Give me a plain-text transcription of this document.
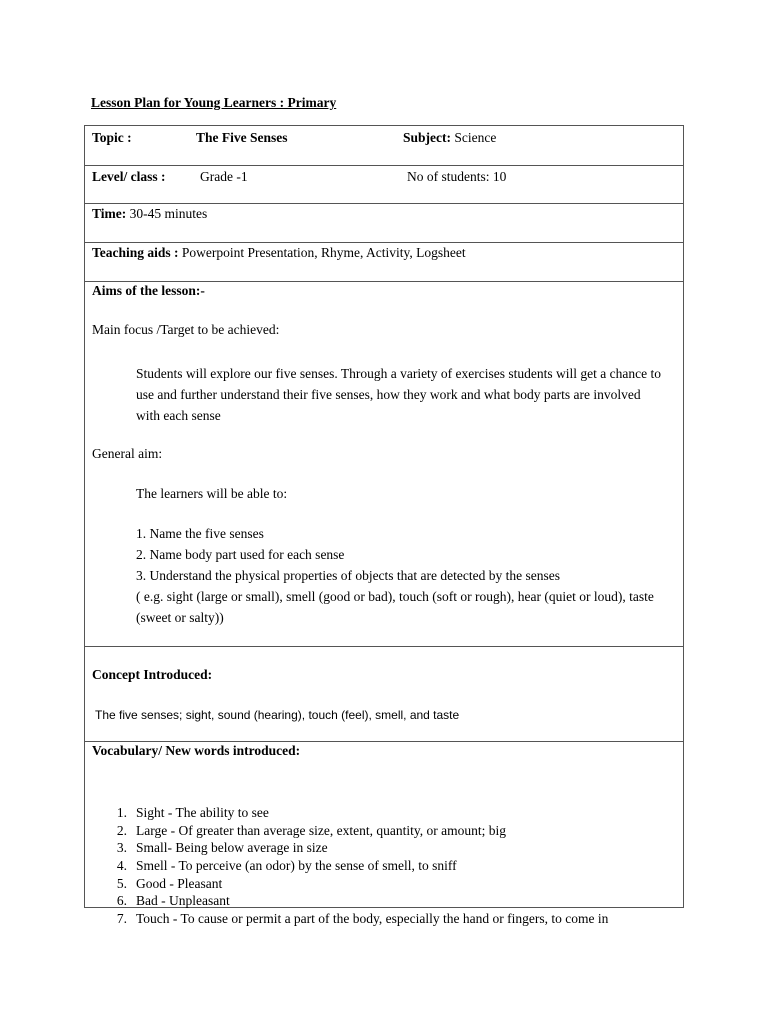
Lesson Plan for Young Learners : Primary
Topic :	The Five Senses	Subject: Science
Level/ class :	Grade -1	No of students: 10
Time: 30-45 minutes
Teaching aids : Powerpoint Presentation, Rhyme, Activity, Logsheet
Aims of the lesson:-
Main focus /Target to be achieved:
Students will explore our five senses. Through a variety of exercises students will get a chance to use and further understand their five senses, how they work and what body parts are involved with each sense
General aim:
The learners will be able to:
1. Name the five senses
2. Name body part used for each sense
3. Understand the physical properties of objects that are detected by the senses
( e.g. sight (large or small), smell (good or bad), touch (soft or rough), hear (quiet or loud), taste (sweet or salty))
Concept Introduced:
The five senses; sight, sound (hearing), touch (feel), smell, and taste
Vocabulary/ New words introduced:
1. Sight - The ability to see
2. Large - Of greater than average size, extent, quantity, or amount; big
3. Small- Being below average in size
4. Smell - To perceive (an odor) by the sense of smell, to sniff
5. Good - Pleasant
6. Bad - Unpleasant
7. Touch - To cause or permit a part of the body, especially the hand or fingers, to come in
